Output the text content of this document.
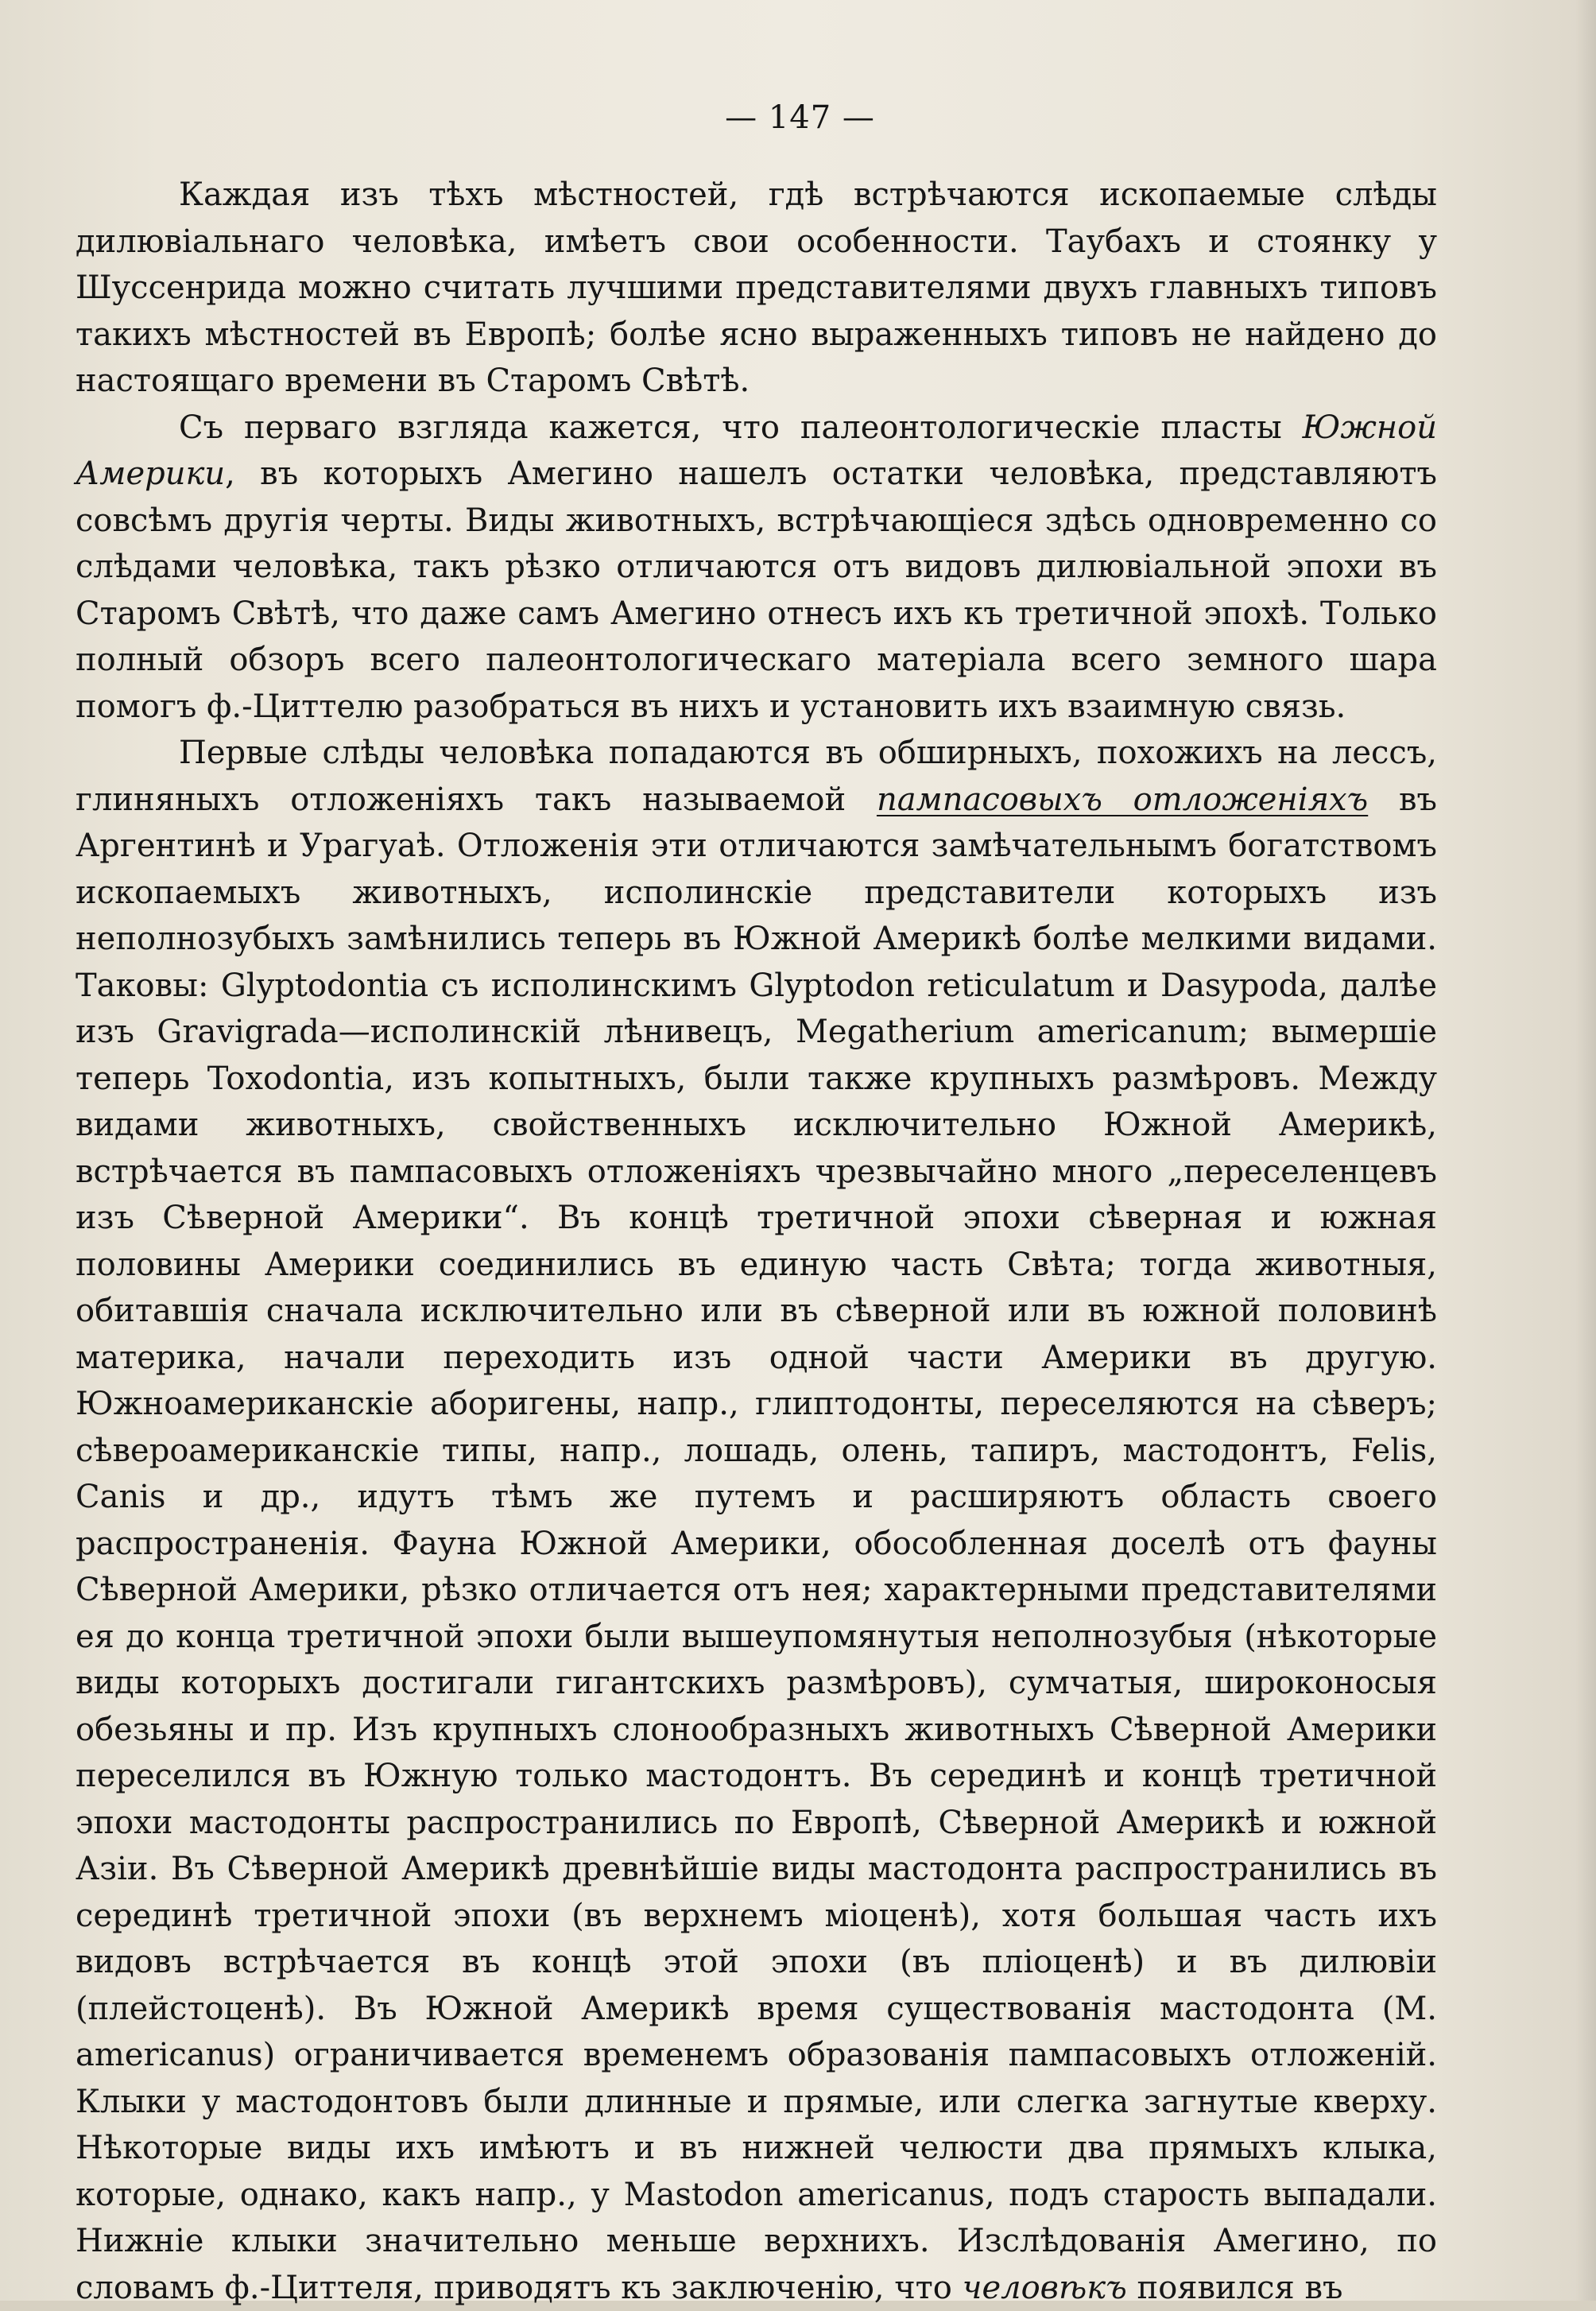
— 147 —

Каждая изъ тѣхъ мѣстностей, гдѣ встрѣчаются ископаемые слѣды дилювіальнаго человѣка, имѣетъ свои особенности. Таубахъ и стоянку у Шуссенрида можно считать лучшими представителями двухъ главныхъ типовъ такихъ мѣстностей въ Европѣ; болѣе ясно выраженныхъ типовъ не найдено до настоящаго времени въ Старомъ Свѣтѣ.

Съ перваго взгляда кажется, что палеонтологическіе пласты Южной Америки, въ которыхъ Амегино нашелъ остатки человѣка, представляютъ совсѣмъ другія черты. Виды животныхъ, встрѣчающіеся здѣсь одновременно со слѣдами человѣка, такъ рѣзко отличаются отъ видовъ дилювіальной эпохи въ Старомъ Свѣтѣ, что даже самъ Амегино отнесъ ихъ къ третичной эпохѣ. Только полный обзоръ всего палеонтологическаго матеріала всего земного шара помогъ ф.-Циттелю разобраться въ нихъ и установить ихъ взаимную связь.

Первые слѣды человѣка попадаются въ обширныхъ, похожихъ на лессъ, глиняныхъ отложеніяхъ такъ называемой пампасовыхъ отложеніяхъ въ Аргентинѣ и Урагуаѣ. Отложенія эти отличаются замѣчательнымъ богатствомъ ископаемыхъ животныхъ, исполинскіе представители которыхъ изъ неполнозубыхъ замѣнились теперь въ Южной Америкѣ болѣе мелкими видами. Таковы: Glyptodontia съ исполинскимъ Glyptodon reticulatum и Dasypoda, далѣе изъ Gravigrada—исполинскій лѣнивецъ, Megatherium americanum; вымершіе теперь Toxodontia, изъ копытныхъ, были также крупныхъ размѣровъ. Между видами животныхъ, свойственныхъ исключительно Южной Америкѣ, встрѣчается въ пампасовыхъ отложеніяхъ чрезвычайно много „переселенцевъ изъ Сѣверной Америки“. Въ концѣ третичной эпохи сѣверная и южная половины Америки соединились въ единую часть Свѣта; тогда животныя, обитавшія сначала исключительно или въ сѣверной или въ южной половинѣ материка, начали переходить изъ одной части Америки въ другую. Южноамериканскіе аборигены, напр., глиптодонты, переселяются на сѣверъ; сѣвероамериканскіе типы, напр., лошадь, олень, тапиръ, мастодонтъ, Felis, Canis и др., идутъ тѣмъ же путемъ и расширяютъ область своего распространенія. Фауна Южной Америки, обособленная доселѣ отъ фауны Сѣверной Америки, рѣзко отличается отъ нея; характерными представителями ея до конца третичной эпохи были вышеупомянутыя неполнозубыя (нѣкоторые виды которыхъ достигали гигантскихъ размѣровъ), сумчатыя, широконосыя обезьяны и пр. Изъ крупныхъ слонообразныхъ животныхъ Сѣверной Америки переселился въ Южную только мастодонтъ. Въ серединѣ и концѣ третичной эпохи мастодонты распространились по Европѣ, Сѣверной Америкѣ и южной Азіи. Въ Сѣверной Америкѣ древнѣйшіе виды мастодонта распространились въ серединѣ третичной эпохи (въ верхнемъ міоценѣ), хотя большая часть ихъ видовъ встрѣчается въ концѣ этой эпохи (въ пліоценѣ) и въ дилювіи (плейстоценѣ). Въ Южной Америкѣ время существованія мастодонта (M. americanus) ограничивается временемъ образованія пампасовыхъ отложеній. Клыки у мастодонтовъ были длинные и прямые, или слегка загнутые кверху. Нѣкоторые виды ихъ имѣютъ и въ нижней челюсти два прямыхъ клыка, которые, однако, какъ напр., у Mastodon americanus, подъ старость выпадали. Нижніе клыки значительно меньше верхнихъ. Изслѣдованія Амегино, по словамъ ф.-Циттеля, приводятъ къ заключенію, что человѣкъ появился въ
